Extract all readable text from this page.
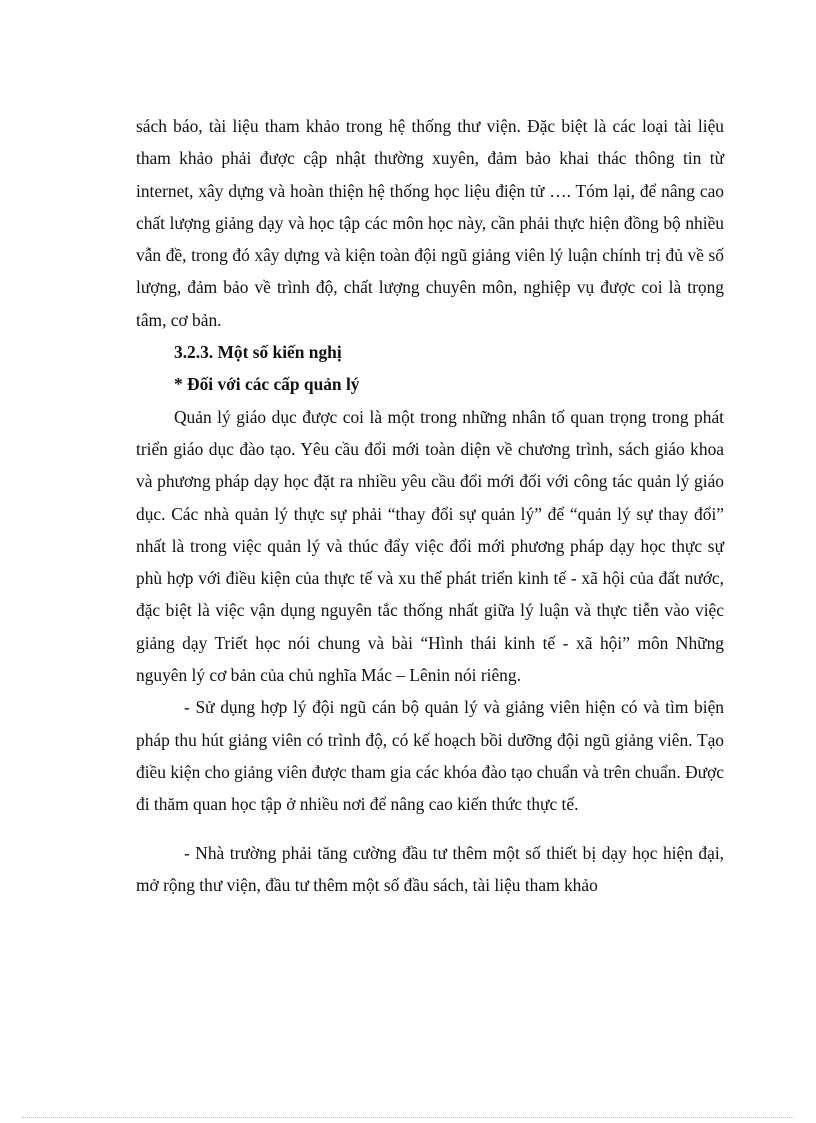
sách báo, tài liệu tham khảo trong hệ thống thư viện. Đặc biệt là các loại tài liệu tham khảo phải được cập nhật thường xuyên, đảm bảo khai thác thông tin từ internet, xây dựng và hoàn thiện hệ thống học liệu điện tử …. Tóm lại, để nâng cao chất lượng giảng dạy và học tập các môn học này, cần phải thực hiện đồng bộ nhiều vẫn đề, trong đó xây dựng và kiện toàn đội ngũ giảng viên lý luận chính trị đủ về số lượng, đảm bảo về trình độ, chất lượng chuyên môn, nghiệp vụ được coi là trọng tâm, cơ bản.

3.2.3. Một số kiến nghị

* Đối với các cấp quản lý

Quản lý giáo dục được coi là một trong những nhân tố quan trọng trong phát triển giáo dục đào tạo. Yêu cầu đổi mới toàn diện về chương trình, sách giáo khoa và phương pháp dạy học đặt ra nhiều yêu cầu đổi mới đối với công tác quản lý giáo dục. Các nhà quản lý thực sự phải “thay đổi sự quản lý” để “quản lý sự thay đổi” nhất là trong việc quản lý và thúc đẩy việc đổi mới phương pháp dạy học thực sự phù hợp với điều kiện của thực tế và xu thế phát triển kinh tế - xã hội của đất nước, đặc biệt là việc vận dụng nguyên tắc thống nhất giữa lý luận và thực tiễn vào việc giảng dạy Triết học nói chung và bài “Hình thái kinh tế - xã hội” môn Những nguyên lý cơ bản của chủ nghĩa Mác – Lênin nói riêng.

- Sử dụng hợp lý đội ngũ cán bộ quản lý và giảng viên hiện có và tìm biện pháp thu hút giảng viên có trình độ, có kế hoạch bồi dưỡng đội ngũ giảng viên. Tạo điều kiện cho giảng viên được tham gia các khóa đào tạo chuẩn và trên chuẩn. Được đi thăm quan học tập ở nhiều nơi để nâng cao kiến thức thực tế.

- Nhà trường phải tăng cường đầu tư thêm một số thiết bị dạy học hiện đại, mở rộng thư viện, đầu tư thêm một số đầu sách, tài liệu tham khảo
